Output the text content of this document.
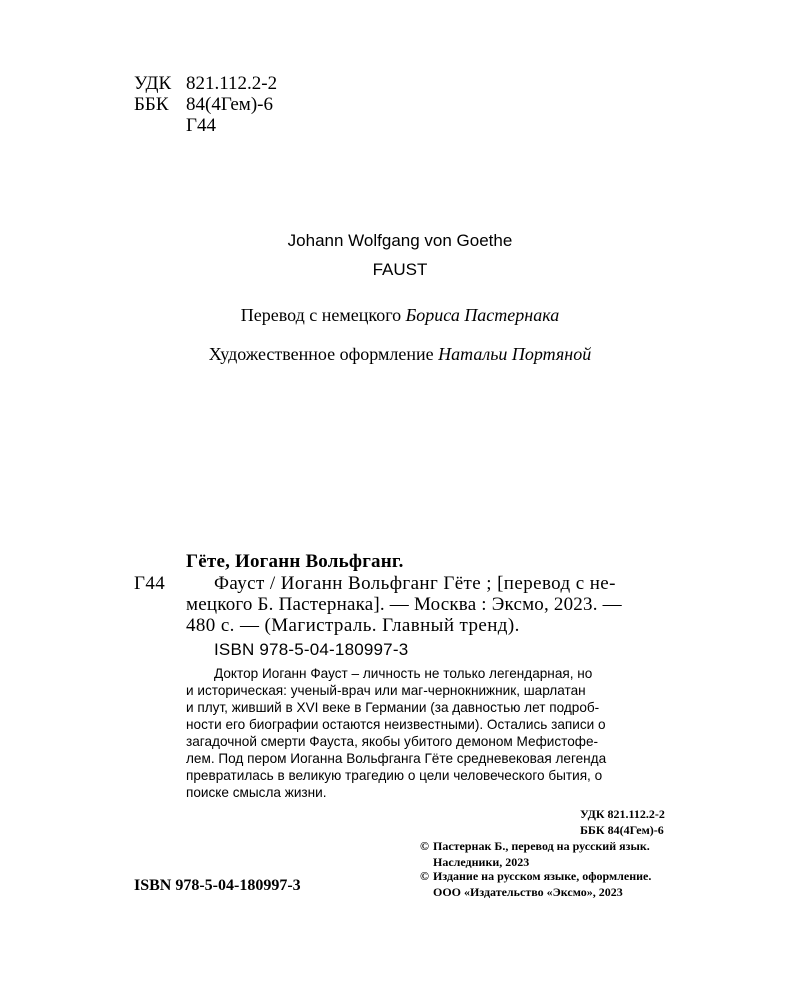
УДК 821.112.2-2
ББК 84(4Гем)-6
Г44
Johann Wolfgang von Goethe
FAUST
Перевод с немецкого Бориса Пастернака
Художественное оформление Натальи Портяной
Гёте, Иоганн Вольфганг.
Г44	Фауст / Иоганн Вольфганг Гёте ; [перевод с не-
мецкого Б. Пастернака]. — Москва : Эксмо, 2023. —
480 с. — (Магистраль. Главный тренд).
ISBN 978-5-04-180997-3
Доктор Иоганн Фауст – личность не только легендарная, но
и историческая: ученый-врач или маг-чернокнижник, шарлатан
и плут, живший в XVI веке в Германии (за давностью лет подроб-
ности его биографии остаются неизвестными). Остались записи о
загадочной смерти Фауста, якобы убитого демоном Мефистофе-
лем. Под пером Иоганна Вольфганга Гёте средневековая легенда
превратилась в великую трагедию о цели человеческого бытия, о
поиске смысла жизни.
УДК 821.112.2-2
ББК 84(4Гем)-6
© Пастернак Б., перевод на русский язык.
Наследники, 2023
© Издание на русском языке, оформление.
ООО «Издательство «Эксмо», 2023
ISBN 978-5-04-180997-3
